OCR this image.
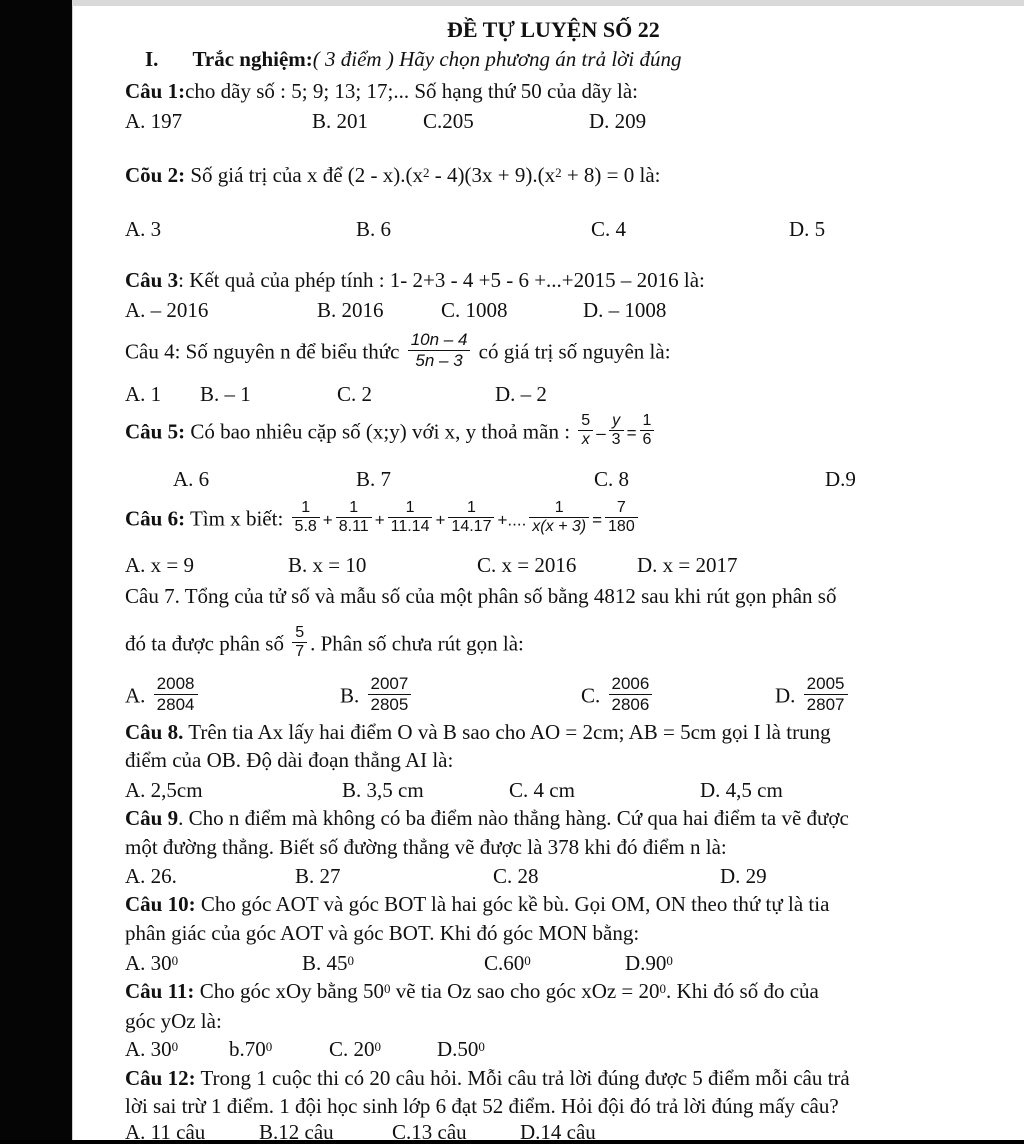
ĐỀ TỰ LUYỆN SỐ 22
I. Trắc nghiệm:( 3 điểm ) Hãy chọn phương án trả lời đúng
Câu 1:cho dãy số : 5; 9; 13; 17;... Số hạng thứ 50 của dãy là:
A. 197	B. 201	C.205	D. 209
Cõu 2: Số giá trị của x để $(2 - x).(x^2 - 4)(3x + 9).(x^2 + 8) = 0$ là:
A. 3	B. 6	C. 4	D. 5
Câu 3: Kết quả của phép tính : 1- 2+3 - 4 +5 - 6 +...+2015 – 2016 là:
A. – 2016	B. 2016	C. 1008	D. – 1008
Câu 4: Số nguyên n để biểu thức $\frac{10n - 4}{5n - 3}$ có giá trị số nguyên là:
A. 1 B. – 1	C. 2	D. – 2
Câu 5: Có bao nhiêu cặp số (x;y) với x, y thoả mãn : $\frac{5}{x} - \frac{y}{3} = \frac{1}{6}$
A. 6	B. 7	C. 8	D.9
Câu 6: Tìm x biết: $\frac{1}{5.8} + \frac{1}{8.11} + \frac{1}{11.14} + \frac{1}{14.17}$ +.... $\frac{1}{x(x + 3)} = \frac{7}{180}$
A. x = 9	B. x = 10	C. x = 2016	D. x = 2017
Câu 7. Tổng của tử số và mẫu số của một phân số bằng 4812 sau khi rút gọn phân số
đó ta được phân số $\frac{5}{7}$ . Phân số chưa rút gọn là:
A. $\frac{2008}{2804}$	B. $\frac{2007}{2805}$	C. $\frac{2006}{2806}$	D. $\frac{2005}{2807}$
Câu 8. Trên tia Ax lấy hai điểm O và B sao cho AO = 2cm; AB = 5cm gọi I là trung
điểm của OB. Độ dài đoạn thẳng AI là:
A. 2,5cm	B. 3,5 cm	C. 4 cm	D. 4,5 cm
Câu 9. Cho n điểm mà không có ba điểm nào thẳng hàng. Cứ qua hai điểm ta vẽ được
một đường thẳng. Biết số đường thẳng vẽ được là 378 khi đó điểm n là:
A. 26.	B. 27	C. 28	D. 29
Câu 10: Cho góc AOT và góc BOT là hai góc kề bù. Gọi OM, ON theo thứ tự là tia
phân giác của góc AOT và góc BOT. Khi đó góc MON bằng:
A. $30^0$	B. $45^0$	$C.60^0$	$D.90^0$
Câu 11: Cho góc xOy bằng $50^0$ vẽ tia Oz sao cho góc xOz = $20^0$. Khi đó số đo của
góc yOz là:
A. $30^0$ $b.70^0$	C. $20^0$	$D.50^0$
Câu 12: Trong 1 cuộc thi có 20 câu hỏi. Mỗi câu trả lời đúng được 5 điểm mỗi câu trả
lời sai trừ 1 điểm. 1 đội học sinh lớp 6 đạt 52 điểm. Hỏi đội đó trả lời đúng mấy câu?
A. 11 câu	B.12 câu	C.13 câu	D.14 câu
